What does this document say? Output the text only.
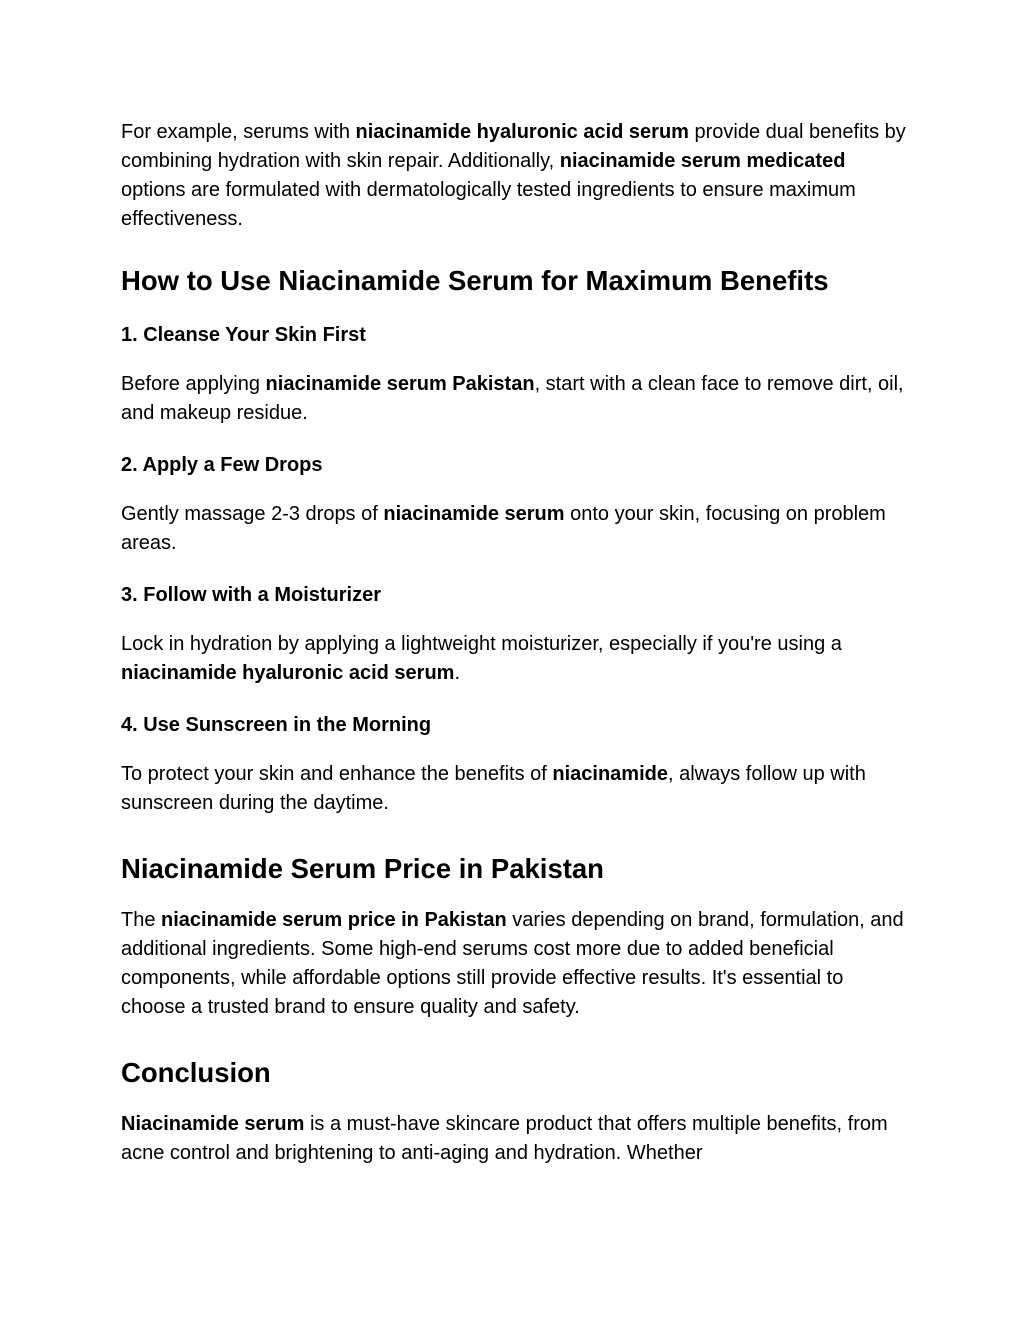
For example, serums with niacinamide hyaluronic acid serum provide dual benefits by combining hydration with skin repair. Additionally, niacinamide serum medicated options are formulated with dermatologically tested ingredients to ensure maximum effectiveness.

How to Use Niacinamide Serum for Maximum Benefits
1. Cleanse Your Skin First

Before applying niacinamide serum Pakistan, start with a clean face to remove dirt, oil, and makeup residue.

2. Apply a Few Drops

Gently massage 2-3 drops of niacinamide serum onto your skin, focusing on problem areas.

3. Follow with a Moisturizer

Lock in hydration by applying a lightweight moisturizer, especially if you're using a niacinamide hyaluronic acid serum.

4. Use Sunscreen in the Morning

To protect your skin and enhance the benefits of niacinamide, always follow up with sunscreen during the daytime.

Niacinamide Serum Price in Pakistan

The niacinamide serum price in Pakistan varies depending on brand, formulation, and additional ingredients. Some high-end serums cost more due to added beneficial components, while affordable options still provide effective results. It's essential to choose a trusted brand to ensure quality and safety.

Conclusion

Niacinamide serum is a must-have skincare product that offers multiple benefits, from acne control and brightening to anti-aging and hydration. Whether
